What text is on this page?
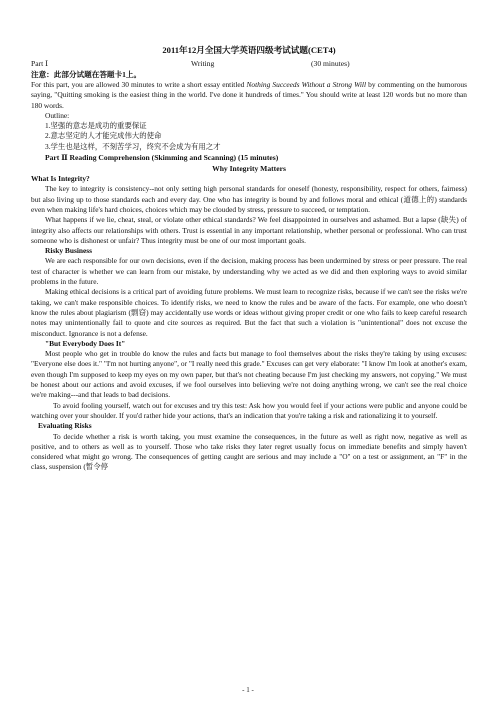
2011年12月全国大学英语四级考试试题(CET4)
Part Ⅰ	Writing	(30 minutes)
注意：此部分试题在答题卡1上。

For this part, you are allowed 30 minutes to write a short essay entitled Nothing Succeeds Without a Strong Will by commenting on the humorous saying, "Quitting smoking is the easiest thing in the world. I've done it hundreds of times." You should write at least 120 words but no more than 180 words.

Outline:
1.坚强的意志是成功的重要保证
2.意志坚定的人才能完成伟大的使命
3.学生也是这样，不刻苦学习，终究不会成为有用之才
Part Ⅱ Reading Comprehension (Skimming and Scanning) (15 minutes)
Why Integrity Matters
What Is Integrity?

The key to integrity is consistency--not only setting high personal standards for oneself (honesty, responsibility, respect for others, fairness) but also living up to those standards each and every day. One who has integrity is bound by and follows moral and ethical (道德上的) standards even when making life's hard choices, choices which may be clouded by stress, pressure to succeed, or temptation.

What happens if we lie, cheat, steal, or violate other ethical standards? We feel disappointed in ourselves and ashamed. But a lapse (缺失) of integrity also affects our relationships with others. Trust is essential in any important relationship, whether personal or professional. Who can trust someone who is dishonest or unfair? Thus integrity must be one of our most important goals.

Risky Business

We are each responsible for our own decisions, even if the decision, making process has been undermined by stress or peer pressure. The real test of character is whether we can learn from our mistake, by understanding why we acted as we did and then exploring ways to avoid similar problems in the future.

Making ethical decisions is a critical part of avoiding future problems. We must learn to recognize risks, because if we can't see the risks we're taking, we can't make responsible choices. To identify risks, we need to know the rules and be aware of the facts. For example, one who doesn't know the rules about plagiarism (剽窃) may accidentally use words or ideas without giving proper credit or one who fails to keep careful research notes may unintentionally fail to quote and cite sources as required. But the fact that such a violation is "unintentional" does not excuse the misconduct. Ignorance is not a defense.

"But Everybody Does It"

Most people who get in trouble do know the rules and facts but manage to fool themselves about the risks they're taking by using excuses: "Everyone else does it." "I'm not hurting anyone", or "I really need this grade." Excuses can get very elaborate: "I know I'm look at another's exam, even though I'm supposed to keep my eyes on my own paper, but that's not cheating because I'm just checking my answers, not copying." We must be honest about our actions and avoid excuses, if we fool ourselves into believing we're not doing anything wrong, we can't see the real choice we're making---and that leads to bad decisions.

To avoid fooling yourself, watch out for excuses and try this test: Ask how you would feel if your actions were public and anyone could be watching over your shoulder. If you'd rather hide your actions, that's an indication that you're taking a risk and rationalizing it to yourself.

Evaluating Risks

To decide whether a risk is worth taking, you must examine the consequences, in the future as well as right now, negative as well as positive, and to others as well as to yourself. Those who take risks they later regret usually focus on immediate benefits and simply haven't considered what might go wrong. The consequences of getting caught are serious and may include a "O" on a test or assignment, an "F" in the class, suspension (暂令停

- 1 -
